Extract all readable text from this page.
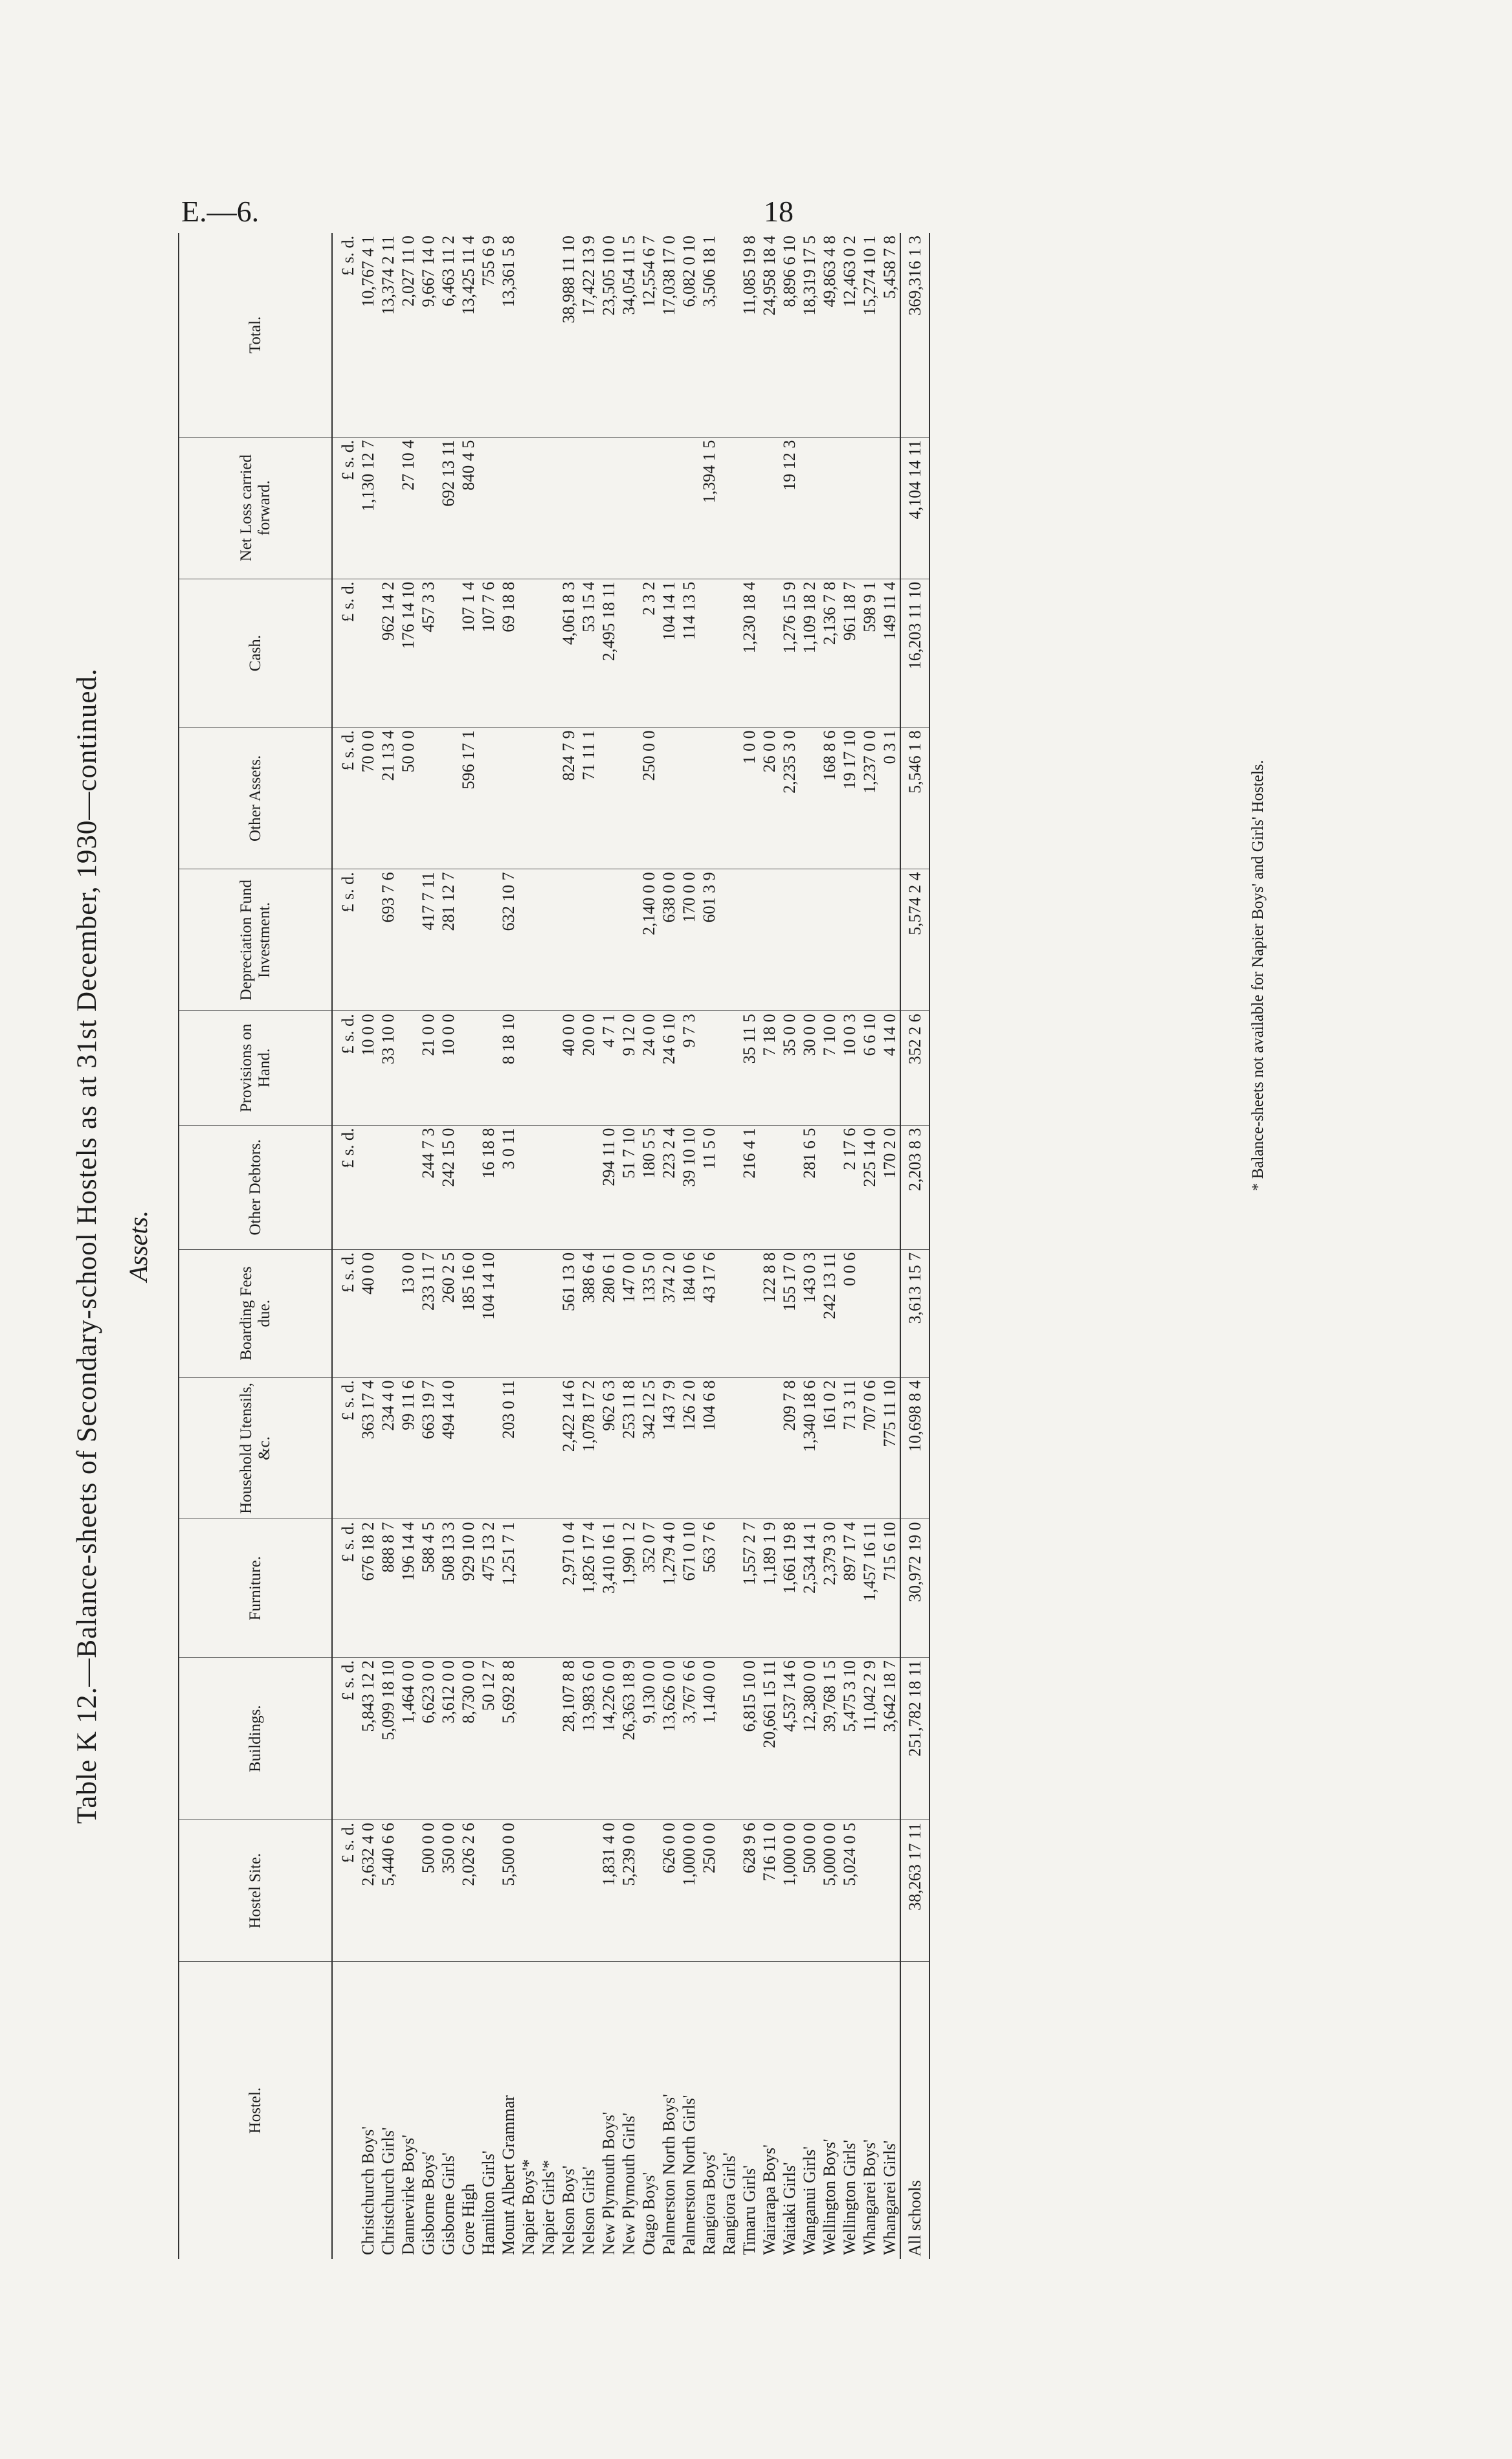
E.—6.	18
Table K 12.—Balance-sheets of Secondary-school Hostels as at 31st December, 1930—continued. Assets.
Hostel.	Hostel Site.	Buildings.	Furniture.	Household Utensils, &c.	Boarding Fees due.	Other Debtors.	Provisions on Hand.	Depreciation Fund Investment.	Other Assets.	Cash.	Net Loss carried forward.	Total.
	£ s. d.	£ s. d.	£ s. d.	£ s. d.	£ s. d.	£ s. d.	£ s. d.	£ s. d.	£ s. d.	£ s. d.	£ s. d.	£ s. d.
Christchurch Boys'	2,632 4 0	5,843 12 2	676 18 2	363 17 4	40 0 0		10 0 0		70 0 0		1,130 12 7	10,767 4 1
Christchurch Girls'	5,440 6 6	5,099 18 10	888 8 7	234 4 0			33 10 0	693 7 6	21 13 4	962 14 2		13,374 2 11
Dannevirke Boys'		1,464 0 0	196 14 4	99 11 6	13 0 0				50 0 0	176 14 10	27 10 4	2,027 11 0
Gisborne Boys'	500 0 0	6,623 0 0	588 4 5	663 19 7	233 11 7	244 7 3	21 0 0	417 7 11		457 3 3		9,667 14 0
Gisborne Girls'	350 0 0	3,612 0 0	508 13 3	494 14 0	260 2 5	242 15 0	10 0 0	281 12 7			692 13 11	6,463 11 2
Gore High	2,026 2 6	8,730 0 0	929 10 0		185 16 0				596 17 1	107 1 4	840 4 5	13,425 11 4
Hamilton Girls'		50 12 7	475 13 2		104 14 10	16 18 8				107 7 6		755 6 9
Mount Albert Grammar	5,500 0 0	5,692 8 8	1,251 7 1	203 0 11		3 0 11	8 18 10	632 10 7		69 18 8		13,361 5 8
Napier Boys'*												
Napier Girls'*												
Nelson Boys'		28,107 8 8	2,971 0 4	2,422 14 6	561 13 0		40 0 0		824 7 9	4,061 8 3		38,988 11 10
Nelson Girls'		13,983 6 0	1,826 17 4	1,078 17 2	388 6 4		20 0 0		71 11 1	53 15 4		17,422 13 9
New Plymouth Boys'	1,831 4 0	14,226 0 0	3,410 16 1	962 6 3	280 6 1	294 11 0	4 7 1			2,495 18 11		23,505 10 0
New Plymouth Girls'	5,239 0 0	26,363 18 9	1,990 1 2	253 11 8	147 0 0	51 7 10	9 12 0					34,054 11 5
Otago Boys'		9,130 0 0	352 0 7	342 12 5	133 5 0	180 5 5	24 0 0	2,140 0 0	250 0 0	2 3 2		12,554 6 7
Palmerston North Boys'	626 0 0	13,626 0 0	1,279 4 0	143 7 9	374 2 0	223 2 4	24 6 10	638 0 0		104 14 1		17,038 17 0
Palmerston North Girls'	1,000 0 0	3,767 6 6	671 0 10	126 2 0	184 0 6	39 10 10	9 7 3	170 0 0		114 13 5		6,082 0 10
Rangiora Boys'	250 0 0	1,140 0 0	563 7 6	104 6 8	43 17 6	11 5 0		601 3 9			1,394 1 5	3,506 18 1
Rangiora Girls'												
Timaru Girls'	628 9 6	6,815 10 0	1,557 2 7			216 4 1	35 11 5		1 0 0	1,230 18 4		11,085 19 8
Wairarapa Boys'	716 11 0	20,661 15 11	1,189 1 9		122 8 8		7 18 0		26 0 0			24,958 18 4
Waitaki Girls'	1,000 0 0	4,537 14 6	1,661 19 8	209 7 8	155 17 0		35 0 0		2,235 3 0	1,276 15 9	19 12 3	8,896 6 10
Wanganui Girls'	500 0 0	12,380 0 0	2,534 14 1	1,340 18 6	143 0 3	281 6 5	30 0 0			1,109 18 2		18,319 17 5
Wellington Boys'	5,000 0 0	39,768 1 5	2,379 3 0	161 0 2	242 13 11		7 10 0		168 8 6	2,136 7 8		49,863 4 8
Wellington Girls'	5,024 0 5	5,475 3 10	897 17 4	71 3 11	0 0 6	2 17 6	10 0 3		19 17 10	961 18 7		12,463 0 2
Whangarei Boys'		11,042 2 9	1,457 16 11	707 0 6		225 14 0	6 6 10		1,237 0 0	598 9 1		15,274 10 1
Whangarei Girls'		3,642 18 7	715 6 10	775 11 10		170 2 0	4 14 0		0 3 1	149 11 4		5,458 7 8
All schools	38,263 17 11	251,782 18 11	30,972 19 0	10,698 8 4	3,613 15 7	2,203 8 3	352 2 6	5,574 2 4	5,546 1 8	16,203 11 10	4,104 14 11	369,316 1 3
* Balance-sheets not available for Napier Boys' and Girls' Hostels.
